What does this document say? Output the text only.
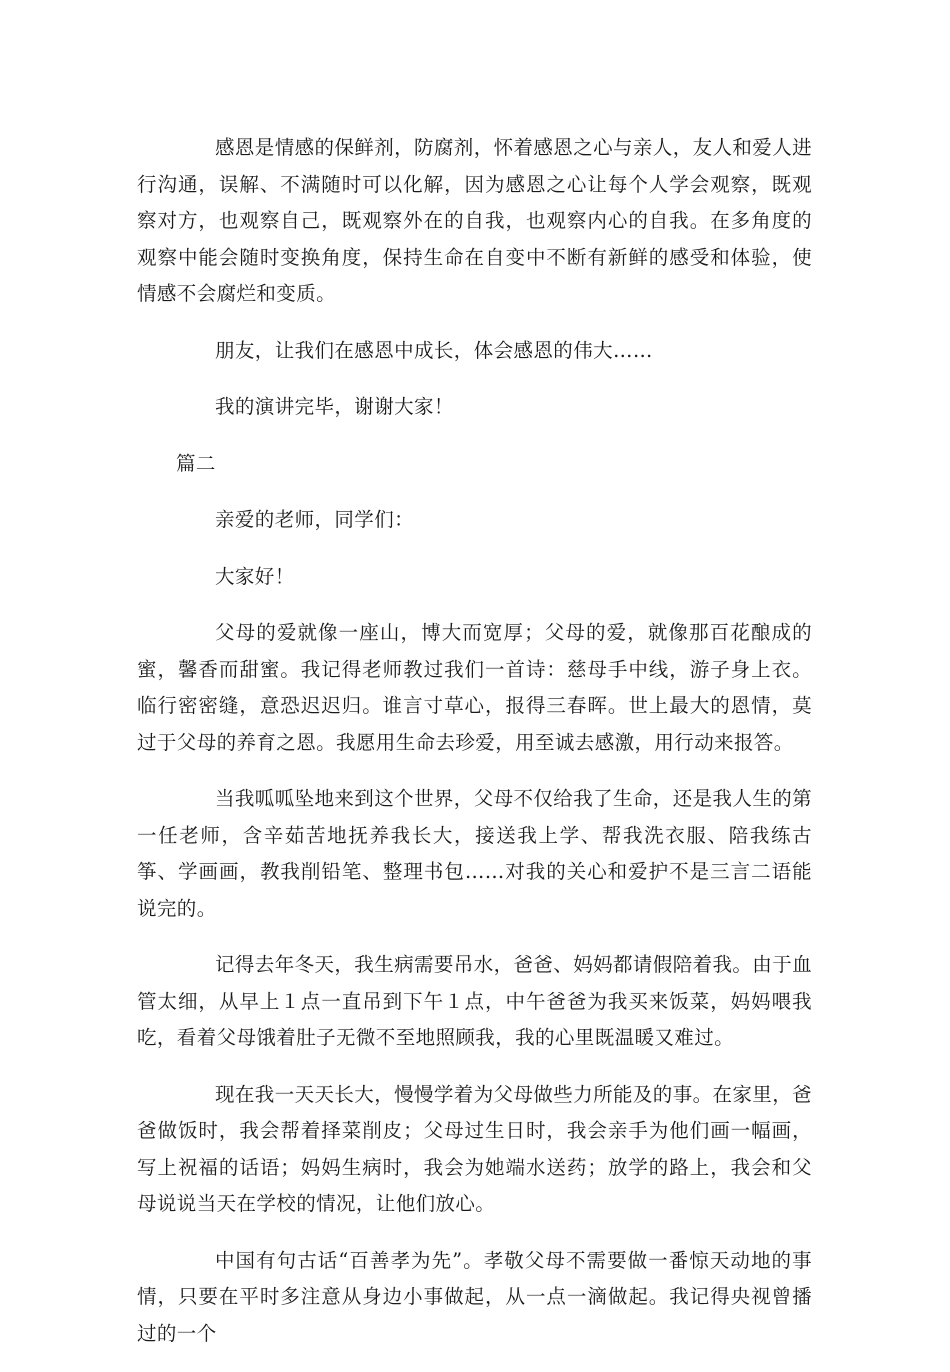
感恩是情感的保鲜剂，防腐剂，怀着感恩之心与亲人，友人和爱人进行沟通，误解、不满随时可以化解，因为感恩之心让每个人学会观察，既观察对方，也观察自己，既观察外在的自我，也观察内心的自我。在多角度的观察中能会随时变换角度，保持生命在自变中不断有新鲜的感受和体验，使情感不会腐烂和变质。

朋友，让我们在感恩中成长，体会感恩的伟大……

我的演讲完毕，谢谢大家！

篇二

亲爱的老师，同学们：

大家好！

父母的爱就像一座山，博大而宽厚；父母的爱，就像那百花酿成的蜜，馨香而甜蜜。我记得老师教过我们一首诗：慈母手中线，游子身上衣。临行密密缝，意恐迟迟归。谁言寸草心，报得三春晖。世上最大的恩情，莫过于父母的养育之恩。我愿用生命去珍爱，用至诚去感激，用行动来报答。

当我呱呱坠地来到这个世界，父母不仅给我了生命，还是我人生的第一任老师，含辛茹苦地抚养我长大，接送我上学、帮我洗衣服、陪我练古筝、学画画，教我削铅笔、整理书包……对我的关心和爱护不是三言二语能说完的。

记得去年冬天，我生病需要吊水，爸爸、妈妈都请假陪着我。由于血管太细，从早上１点一直吊到下午１点，中午爸爸为我买来饭菜，妈妈喂我吃，看着父母饿着肚子无微不至地照顾我，我的心里既温暖又难过。

现在我一天天长大，慢慢学着为父母做些力所能及的事。在家里，爸爸做饭时，我会帮着择菜削皮；父母过生日时，我会亲手为他们画一幅画，写上祝福的话语；妈妈生病时，我会为她端水送药；放学的路上，我会和父母说说当天在学校的情况，让他们放心。

中国有句古话“百善孝为先”。孝敬父母不需要做一番惊天动地的事情，只要在平时多注意从身边小事做起，从一点一滴做起。我记得央视曾播过的一个
